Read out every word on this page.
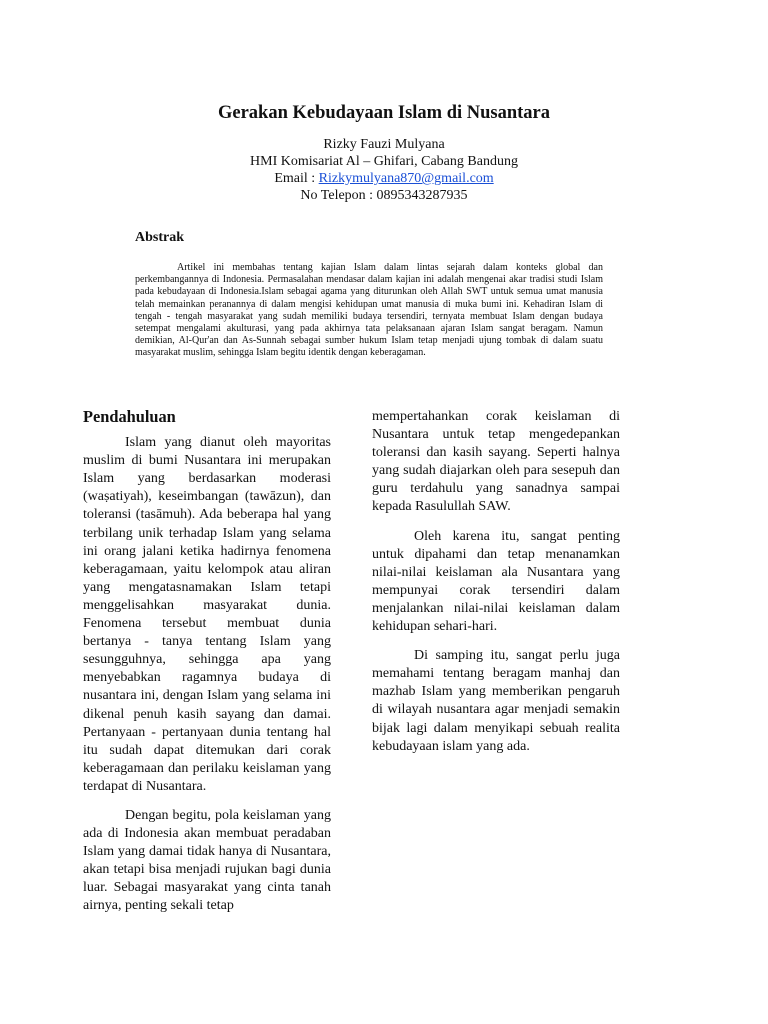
Gerakan Kebudayaan Islam di Nusantara
Rizky Fauzi Mulyana
HMI Komisariat Al – Ghifari, Cabang Bandung
Email : Rizkymulyana870@gmail.com
No Telepon : 0895343287935
Abstrak

Artikel ini membahas tentang kajian Islam dalam lintas sejarah dalam konteks global dan perkembangannya di Indonesia. Permasalahan mendasar dalam kajian ini adalah mengenai akar tradisi studi Islam pada kebudayaan di Indonesia.Islam sebagai agama yang diturunkan oleh Allah SWT untuk semua umat manusia telah memainkan peranannya di dalam mengisi kehidupan umat manusia di muka bumi ini. Kehadiran Islam di tengah - tengah masyarakat yang sudah memiliki budaya tersendiri, ternyata membuat Islam dengan budaya setempat mengalami akulturasi, yang pada akhirnya tata pelaksanaan ajaran Islam sangat beragam. Namun demikian, Al-Qur'an dan As-Sunnah sebagai sumber hukum Islam tetap menjadi ujung tombak di dalam suatu masyarakat muslim, sehingga Islam begitu identik dengan keberagaman.

Pendahuluan

Islam yang dianut oleh mayoritas muslim di bumi Nusantara ini merupakan Islam yang berdasarkan moderasi (waṣatiyah), keseimbangan (tawāzun), dan toleransi (tasāmuh). Ada beberapa hal yang terbilang unik terhadap Islam yang selama ini orang jalani ketika hadirnya fenomena keberagamaan, yaitu kelompok atau aliran yang mengatasnamakan Islam tetapi menggelisahkan masyarakat dunia. Fenomena tersebut membuat dunia bertanya - tanya tentang Islam yang sesungguhnya, sehingga apa yang menyebabkan ragamnya budaya di nusantara ini, dengan Islam yang selama ini dikenal penuh kasih sayang dan damai. Pertanyaan - pertanyaan dunia tentang hal itu sudah dapat ditemukan dari corak keberagamaan dan perilaku keislaman yang terdapat di Nusantara.

Dengan begitu, pola keislaman yang ada di Indonesia akan membuat peradaban Islam yang damai tidak hanya di Nusantara, akan tetapi bisa menjadi rujukan bagi dunia luar. Sebagai masyarakat yang cinta tanah airnya, penting sekali tetap

mempertahankan corak keislaman di Nusantara untuk tetap mengedepankan toleransi dan kasih sayang. Seperti halnya yang sudah diajarkan oleh para sesepuh dan guru terdahulu yang sanadnya sampai kepada Rasulullah SAW.

Oleh karena itu, sangat penting untuk dipahami dan tetap menanamkan nilai-nilai keislaman ala Nusantara yang mempunyai corak tersendiri dalam menjalankan nilai-nilai keislaman dalam kehidupan sehari-hari.

Di samping itu, sangat perlu juga memahami tentang beragam manhaj dan mazhab Islam yang memberikan pengaruh di wilayah nusantara agar menjadi semakin bijak lagi dalam menyikapi sebuah realita kebudayaan islam yang ada.
